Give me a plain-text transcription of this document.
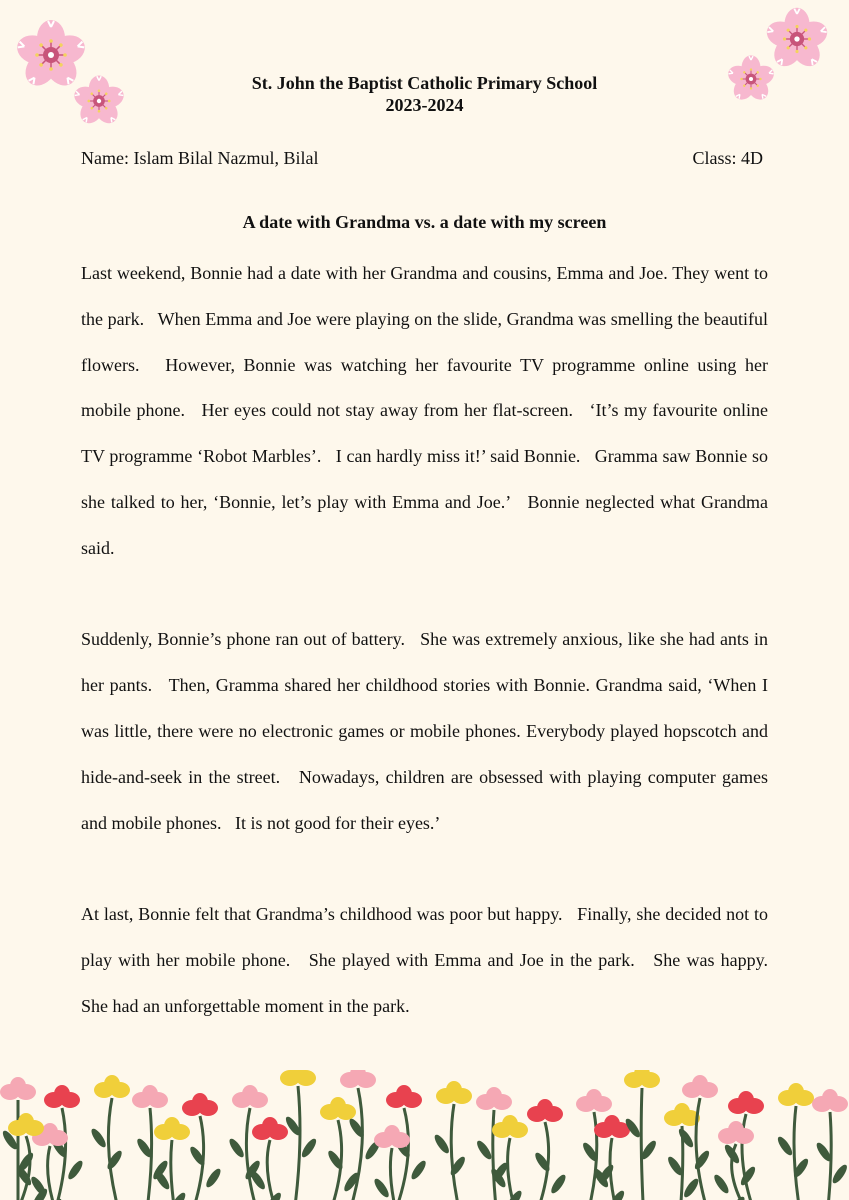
St. John the Baptist Catholic Primary School
2023-2024
Name: Islam Bilal Nazmul, Bilal	Class: 4D
A date with Grandma vs. a date with my screen

Last weekend, Bonnie had a date with her Grandma and cousins, Emma and Joe. They went to the park.   When Emma and Joe were playing on the slide, Grandma was smelling the beautiful flowers.   However, Bonnie was watching her favourite TV programme online using her mobile phone.   Her eyes could not stay away from her flat-screen.   ‘It’s my favourite online TV programme ‘Robot Marbles’.   I can hardly miss it!’ said Bonnie.   Gramma saw Bonnie so she talked to her, ‘Bonnie, let’s play with Emma and Joe.’   Bonnie neglected what Grandma said.

Suddenly, Bonnie’s phone ran out of battery.   She was extremely anxious, like she had ants in her pants.   Then, Gramma shared her childhood stories with Bonnie. Grandma said, ‘When I was little, there were no electronic games or mobile phones. Everybody played hopscotch and hide-and-seek in the street.   Nowadays, children are obsessed with playing computer games and mobile phones.   It is not good for their eyes.’

At last, Bonnie felt that Grandma’s childhood was poor but happy.   Finally, she decided not to play with her mobile phone.   She played with Emma and Joe in the park.   She was happy.   She had an unforgettable moment in the park.
